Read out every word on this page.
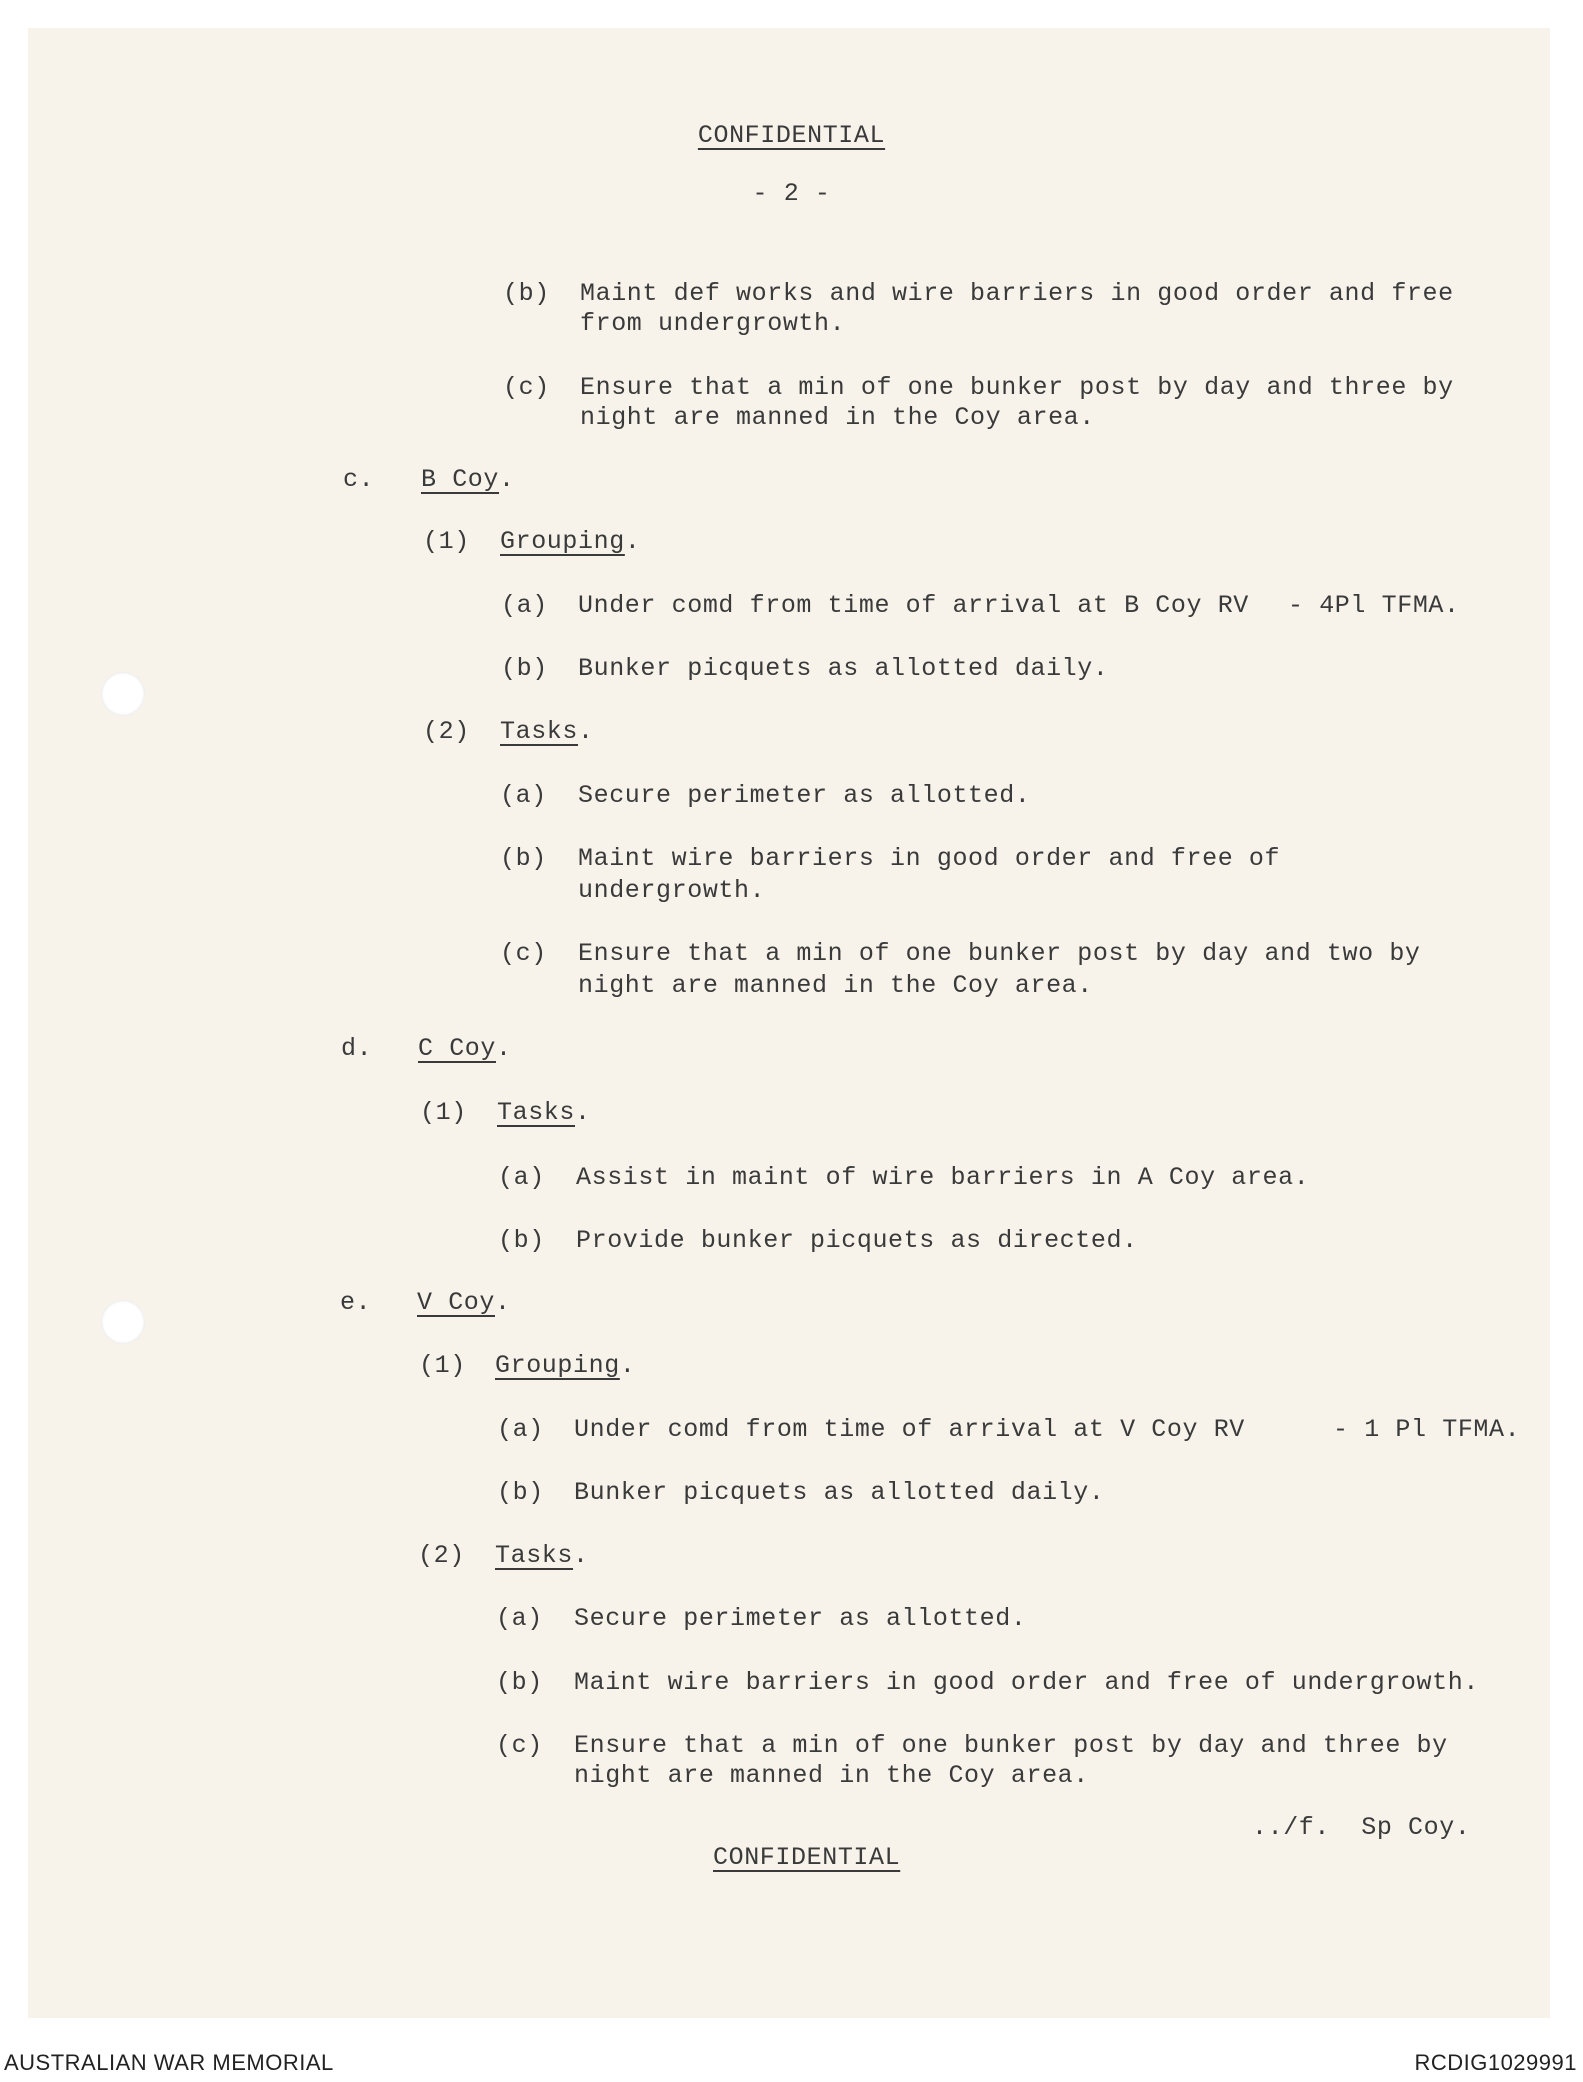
CONFIDENTIAL
- 2 -
(b) Maint def works and wire barriers in good order and free
from undergrowth.
(c) Ensure that a min of one bunker post by day and three by
night are manned in the Coy area.
c. B Coy.
(1) Grouping.
(a) Under comd from time of arrival at B Coy RV - 4Pl TFMA.
(b) Bunker picquets as allotted daily.
(2) Tasks.
(a) Secure perimeter as allotted.
(b) Maint wire barriers in good order and free of
undergrowth.
(c) Ensure that a min of one bunker post by day and two by
night are manned in the Coy area.
d. C Coy.
(1) Tasks.
(a) Assist in maint of wire barriers in A Coy area.
(b) Provide bunker picquets as directed.
e. V Coy.
(1) Grouping.
(a) Under comd from time of arrival at V Coy RV	- 1 Pl TFMA.
(b) Bunker picquets as allotted daily.
(2) Tasks.
(a) Secure perimeter as allotted.
(b) Maint wire barriers in good order and free of undergrowth.
(c) Ensure that a min of one bunker post by day and three by
night are manned in the Coy area.
../f.  Sp Coy.
CONFIDENTIAL
AUSTRALIAN WAR MEMORIAL	RCDIG1029991
